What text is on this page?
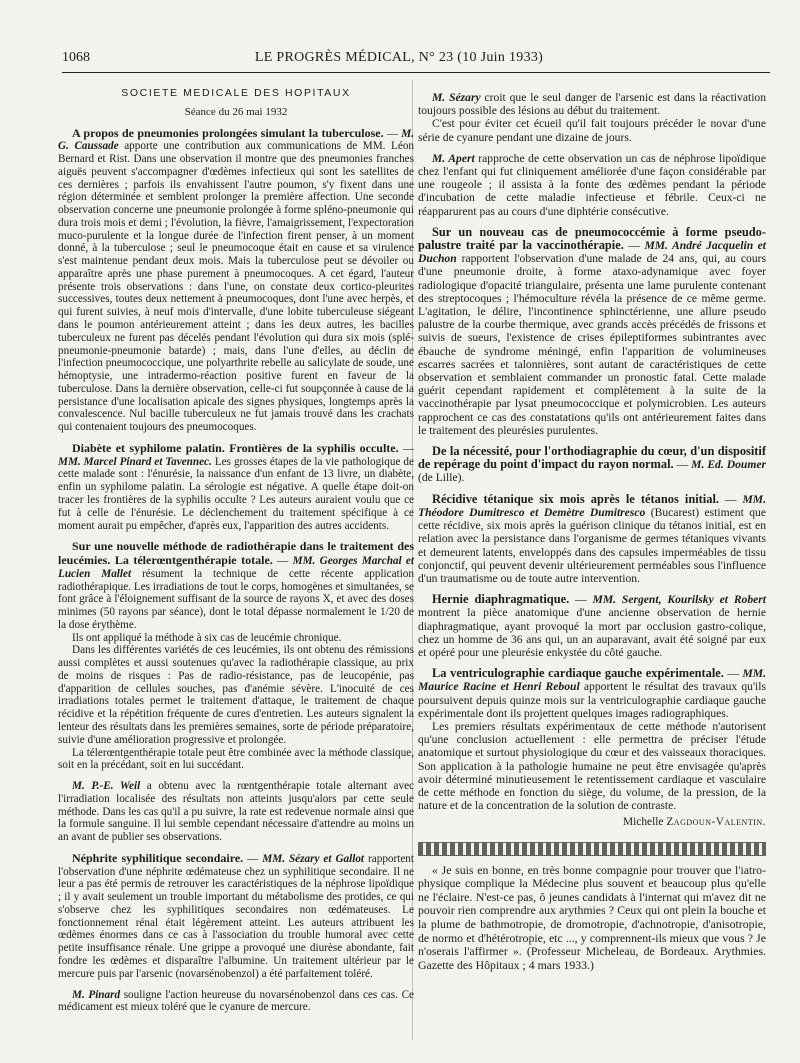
1068	LE PROGRÈS MÉDICAL, N° 23 (10 Juin 1933)
SOCIETE MEDICALE DES HOPITAUX
Séance du 26 mai 1932

A propos de pneumonies prolongées simulant la tuberculose. — M. G. Caussade apporte une contribution aux communications de MM. Léon Bernard et Rist. Dans une observation il montre que des pneumonies franches aiguës peuvent s'accompagner d'œdèmes infectieux qui sont les satellites de ces dernières ; parfois ils envahissent l'autre poumon, s'y fixent dans une région déterminée et semblent prolonger la première affection. Une seconde observation concerne une pneumonie prolongée à forme spléno-pneumonie qui dura trois mois et demi ; l'évolution, la fièvre, l'amaigrissement, l'expectoration muco-purulente et la longue durée de l'infection firent penser, à un moment donné, à la tuberculose ; seul le pneumocoque était en cause et sa virulence s'est maintenue pendant deux mois. Mais la tuberculose peut se dévoiler ou apparaître après une phase purement à pneumocoques. A cet égard, l'auteur présente trois observations : dans l'une, on constate deux cortico-pleurites successives, toutes deux nettement à pneumocoques, dont l'une avec herpès, et qui furent suivies, à neuf mois d'intervalle, d'une lobite tuberculeuse siégeant dans le poumon antérieurement atteint ; dans les deux autres, les bacilles tuberculeux ne furent pas décelés pendant l'évolution qui dura six mois (splé-pneumonie-pneumonie batarde) ; mais, dans l'une d'elles, au déclin de l'infection pneumococcique, une polyarthrite rebelle au salicylate de soude, une hémoptysie, une intradermo-réaction positive furent en faveur de la tuberculose. Dans la dernière observation, celle-ci fut soupçonnée à cause de la persistance d'une localisation apicale des signes physiques, longtemps après la convalescence. Nul bacille tuberculeux ne fut jamais trouvé dans les crachats qui contenaient toujours des pneumocoques.

Diabète et syphilome palatin. Frontières de la syphilis occulte. — MM. Marcel Pinard et Tavennec. Les grosses étapes de la vie pathologique de cette malade sont : l'énurésie, la naissance d'un enfant de 13 livre, un diabète, enfin un syphilome palatin. La sérologie est négative. A quelle étape doit-on tracer les frontières de la syphilis occulte ? Les auteurs auraient voulu que ce fut à celle de l'énurésie. Le déclenchement du traitement spécifique à ce moment aurait pu empêcher, d'après eux, l'apparition des autres accidents.

Sur une nouvelle méthode de radiothérapie dans le traitement des leucémies. La télerœntgenthérapie totale. — MM. Georges Marchal et Lucien Mallet résument la technique de cette récente application radiothérapique. Les irradiations de tout le corps, homogènes et simultanées, se font grâce à l'éloignement suffisant de la source de rayons X, et avec des doses minimes (50 rayons par séance), dont le total dépasse normalement le 1/20 de la dose érythème.

Ils ont appliqué la méthode à six cas de leucémie chronique.

Dans les différentes variétés de ces leucémies, ils ont obtenu des rémissions aussi complètes et aussi soutenues qu'avec la radiothérapie classique, au prix de moins de risques : Pas de radio-résistance, pas de leucopénie, pas d'apparition de cellules souches, pas d'anémie sévère. L'inocuité de ces irradiations totales permet le traitement d'attaque, le traitement de chaque récidive et la répétition fréquente de cures d'entretien. Les auteurs signalent la lenteur des résultats dans les premières semaines, sorte de période préparatoire, suivie d'une amélioration progressive et prolongée.

La télerœntgenthérapie totale peut être combinée avec la méthode classique, soit en la précédant, soit en lui succédant.

M. P.-E. Weil a obtenu avec la rœntgenthérapie totale alternant avec l'irradiation localisée des résultats non atteints jusqu'alors par cette seule méthode. Dans les cas qu'il a pu suivre, la rate est redevenue normale ainsi que la formule sanguine. Il lui semble cependant nécessaire d'attendre au moins un an avant de publier ses observations.

Néphrite syphilitique secondaire. — MM. Sézary et Gallot rapportent l'observation d'une néphrite œdémateuse chez un syphilitique secondaire. Il ne leur a pas été permis de retrouver les caractéristiques de la néphrose lipoïdique ; il y avait seulement un trouble important du métabolisme des protides, ce qui s'observe chez les syphilitiques secondaires non œdémateuses. Le fonctionnement rénal était légèrement atteint. Les auteurs attribuent les œdèmes énormes dans ce cas à l'association du trouble humoral avec cette petite insuffisance rénale. Une grippe a provoqué une diurèse abondante, fait fondre les œdèmes et disparaître l'albumine. Un traitement ultérieur par le mercure puis par l'arsenic (novarsénobenzol) a été parfaitement toléré.

M. Pinard souligne l'action heureuse du novarsénobenzol dans ces cas. Ce médicament est mieux toléré que le cyanure de mercure.

M. Sézary croit que le seul danger de l'arsenic est dans la réactivation toujours possible des lésions au début du traitement.

C'est pour éviter cet écueil qu'il fait toujours précéder le novar d'une série de cyanure pendant une dizaine de jours.

M. Apert rapproche de cette observation un cas de néphrose lipoïdique chez l'enfant qui fut cliniquement améliorée d'une façon considérable par une rougeole ; il assista à la fonte des œdèmes pendant la période d'incubation de cette maladie infectieuse et fébrile. Ceux-ci ne réapparurent pas au cours d'une diphtérie consécutive.

Sur un nouveau cas de pneumococcémie à forme pseudo-palustre traité par la vaccinothérapie. — MM. André Jacquelin et Duchon rapportent l'observation d'une malade de 24 ans, qui, au cours d'une pneumonie droite, à forme ataxo-adynamique avec foyer radiologique d'opacité triangulaire, présenta une lame purulente contenant des streptocoques ; l'hémoculture révéla la présence de ce même germe. L'agitation, le délire, l'incontinence sphinctérienne, une allure pseudo palustre de la courbe thermique, avec grands accès précédés de frissons et suivis de sueurs, l'existence de crises épileptiformes subintrantes avec ébauche de syndrome méningé, enfin l'apparition de volumineuses escarres sacrées et talonnières, sont autant de caractéristiques de cette observation et semblaient commander un pronostic fatal. Cette malade guérit cependant rapidement et complètement à la suite de la vaccinothérapie par lysat pneumococcique et polymicrobien. Les auteurs rapprochent ce cas des constatations qu'ils ont antérieurement faites dans le traitement des pleurésies purulentes.

De la nécessité, pour l'orthodiagraphie du cœur, d'un dispositif de repérage du point d'impact du rayon normal. — M. Ed. Doumer (de Lille).

Récidive tétanique six mois après le tétanos initial. — MM. Théodore Dumitresco et Demètre Dumitresco (Bucarest) estiment que cette récidive, six mois après la guérison clinique du tétanos initial, est en relation avec la persistance dans l'organisme de germes tétaniques vivants et demeurent latents, enveloppés dans des capsules imperméables de tissu conjonctif, qui peuvent devenir ultérieurement perméables sous l'influence d'un traumatisme ou de toute autre intervention.

Hernie diaphragmatique. — MM. Sergent, Kourilsky et Robert montrent la pièce anatomique d'une ancienne observation de hernie diaphragmatique, ayant provoqué la mort par occlusion gastro-colique, chez un homme de 36 ans qui, un an auparavant, avait été soigné par eux et opéré pour une pleurésie enkystée du côté gauche.

La ventriculographie cardiaque gauche expérimentale. — MM. Maurice Racine et Henri Reboul apportent le résultat des travaux qu'ils poursuivent depuis quinze mois sur la ventriculographie cardiaque gauche expérimentale dont ils projettent quelques images radiographiques.

Les premiers résultats expérimentaux de cette méthode n'autorisent qu'une conclusion actuellement : elle permettra de préciser l'étude anatomique et surtout physiologique du cœur et des vaisseaux thoraciques. Son application à la pathologie humaine ne peut être envisagée qu'après avoir déterminé minutieusement le retentissement cardiaque et vasculaire de cette méthode en fonction du siège, du volume, de la pression, de la nature et de la concentration de la solution de contraste.

Michelle Zagdoun-Valentin.

« Je suis en bonne, en très bonne compagnie pour trouver que l'iatro-physique complique la Médecine plus souvent et beaucoup plus qu'elle ne l'éclaire. N'est-ce pas, ô jeunes candidats à l'internat qui m'avez dit ne pouvoir rien comprendre aux arythmies ? Ceux qui ont plein la bouche et la plume de bathmotropie, de dromotropie, d'achnotropie, d'anisotropie, de normo et d'hétérotropie, etc ..., y comprennent-ils mieux que vous ? Je n'oserais l'affirmer ». (Professeur Micheleau, de Bordeaux. Arythmies. Gazette des Hôpitaux ; 4 mars 1933.)
